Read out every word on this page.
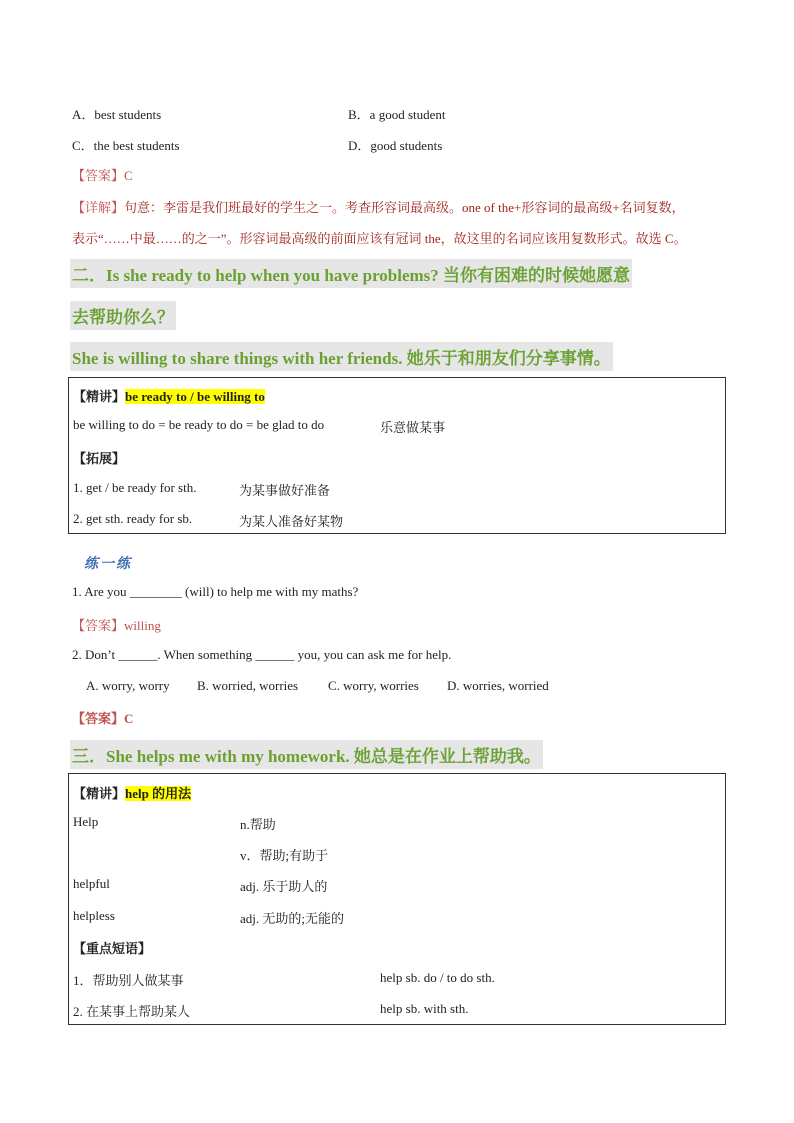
A．best students	B．a good student
C．the best students	D．good students
【答案】C
【详解】句意：李雷是我们班最好的学生之一。考查形容词最高级。one of the+形容词的最高级+名词复数，
表示“……中最……的之一”。形容词最高级的前面应该有冠词 the，故这里的名词应该用复数形式。故选 C。
二．Is she ready to help when you have problems? 当你有困难的时候她愿意
去帮助你么？
She is willing to share things with her friends. 她乐于和朋友们分享事情。
【精讲】be ready to / be willing to
be willing to do = be ready to do = be glad to do	乐意做某事
【拓展】
1. get / be ready for sth.	为某事做好准备
2. get sth. ready for sb.	为某人准备好某物
练一练
1. Are you ________ (will) to help me with my maths?
【答案】willing
2. Don’t ______. When something ______ you, you can ask me for help.
A. worry, worry B. worried, worries C. worry, worries D. worries, worried
【答案】C
三．She helps me with my homework. 她总是在作业上帮助我。
【精讲】help 的用法
Help	n.帮助
v．帮助;有助于
helpful	adj. 乐于助人的
helpless	adj. 无助的;无能的
【重点短语】
1．帮助别人做某事	help sb. do / to do sth.
2. 在某事上帮助某人	help sb. with sth.
